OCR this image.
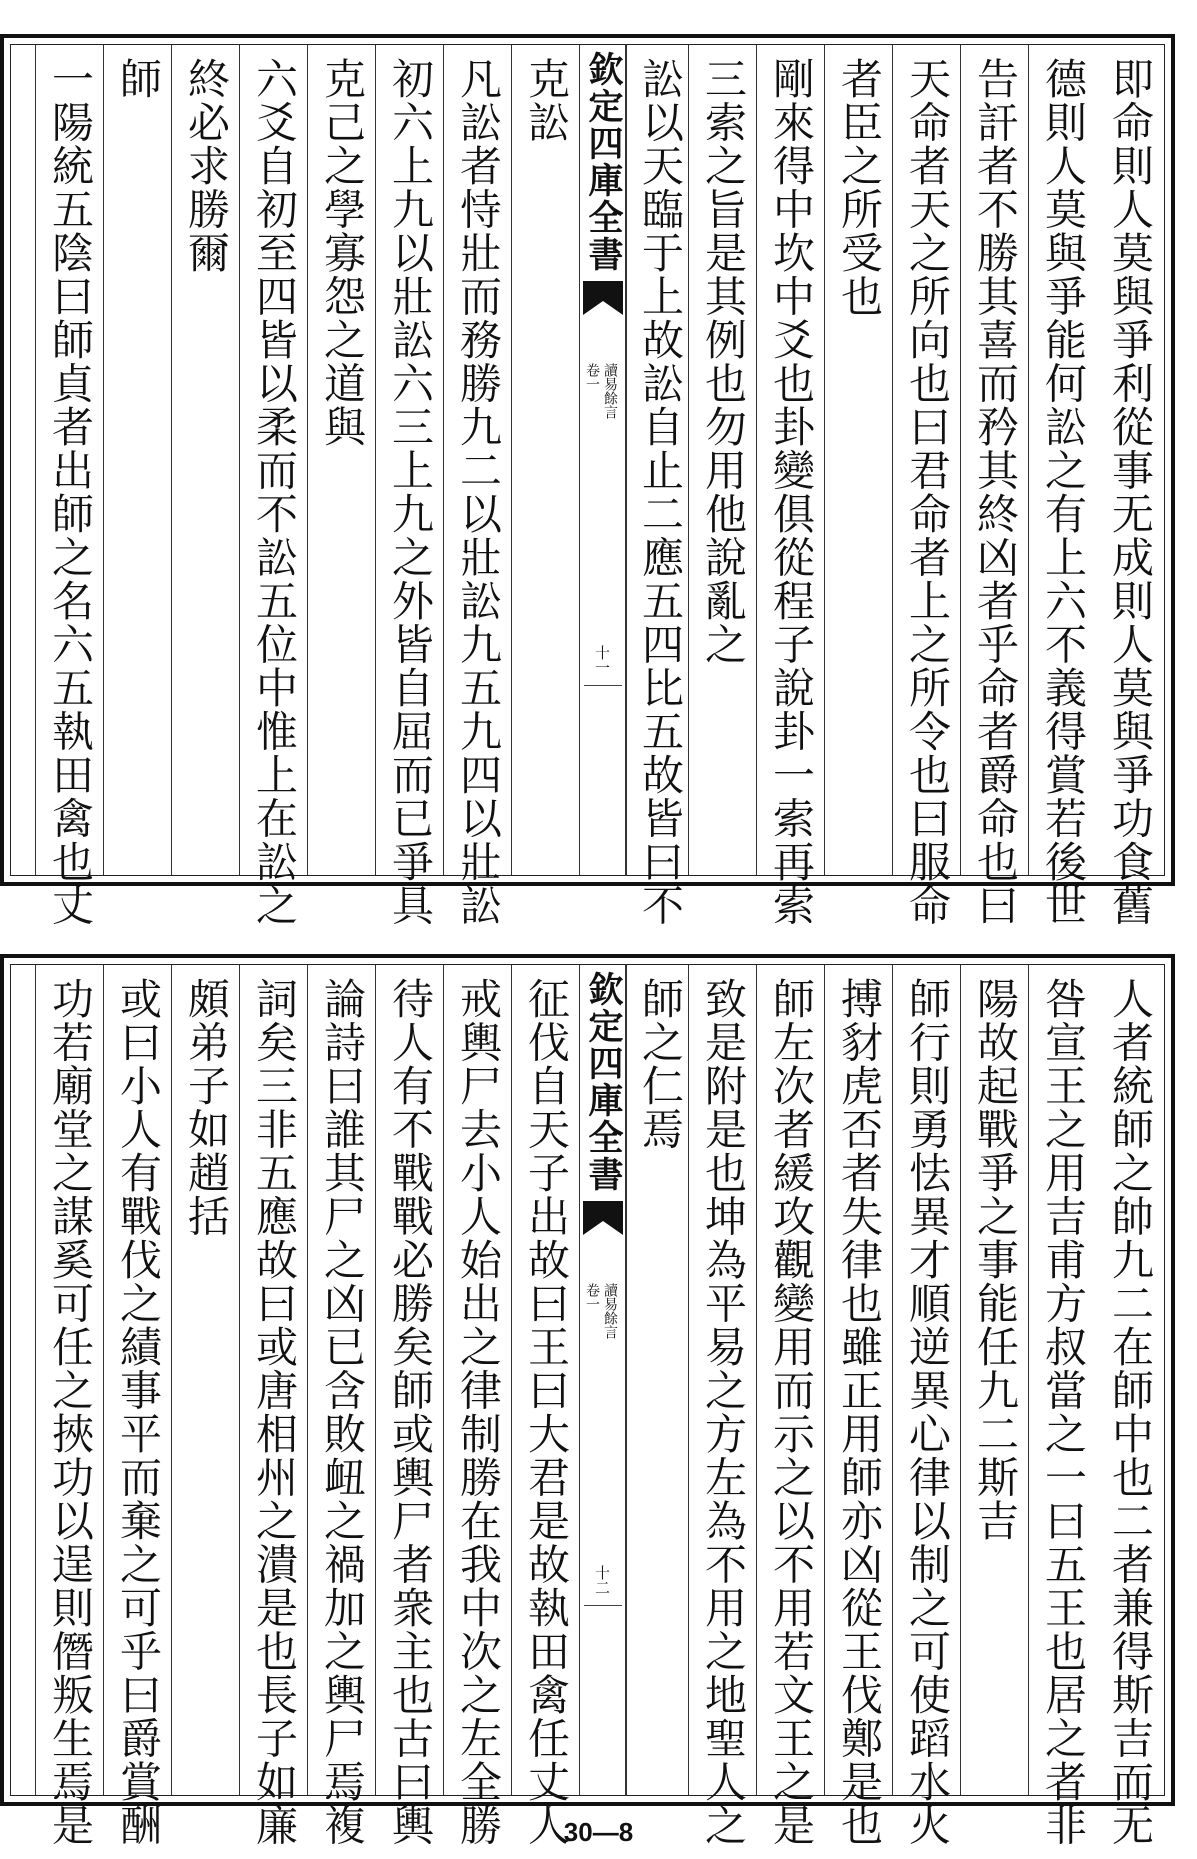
即命則人莫與爭利從事无成則人莫與爭功食舊
德則人莫與爭能何訟之有上六不義得賞若後世
告訐者不勝其喜而矜其終凶者乎命者爵命也曰
天命者天之所向也曰君命者上之所令也曰服命
者臣之所受也
剛來得中坎中爻也卦變俱從程子說卦一索再索
三索之旨是其例也勿用他說亂之
訟以天臨于上故訟自止二應五四比五故皆曰不
欽定四庫全書
讀易餘言
卷一
十一
克訟
凡訟者恃壯而務勝九二以壯訟九五九四以壯訟
初六上九以壯訟六三上九之外皆自屈而已爭具
克己之學寡怨之道與
六爻自初至四皆以柔而不訟五位中惟上在訟之
終必求勝爾
師
一陽統五陰曰師貞者出師之名六五執田禽也丈
人者統師之帥九二在師中也二者兼得斯吉而无
咎宣王之用吉甫方叔當之一曰五王也居之者非
陽故起戰爭之事能任九二斯吉
師行則勇怯異才順逆異心律以制之可使蹈水火
搏豺虎否者失律也雖正用師亦凶從王伐鄭是也
師左次者緩攻觀變用而示之以不用若文王之是
致是附是也坤為平易之方左為不用之地聖人之
師之仁焉
欽定四庫全書
讀易餘言
卷一
十二
征伐自天子出故曰王曰大君是故執田禽任丈人
戒輿尸去小人始出之律制勝在我中次之左全勝
待人有不戰戰必勝矣師或輿尸者衆主也古曰輿
論詩曰誰其尸之凶已含敗衄之禍加之輿尸焉複
詞矣三非五應故曰或唐相州之潰是也長子如廉
頗弟子如趙括
或曰小人有戰伐之績事平而棄之可乎曰爵賞酬
功若廟堂之謀奚可任之挾功以逞則僭叛生焉是	30—8
